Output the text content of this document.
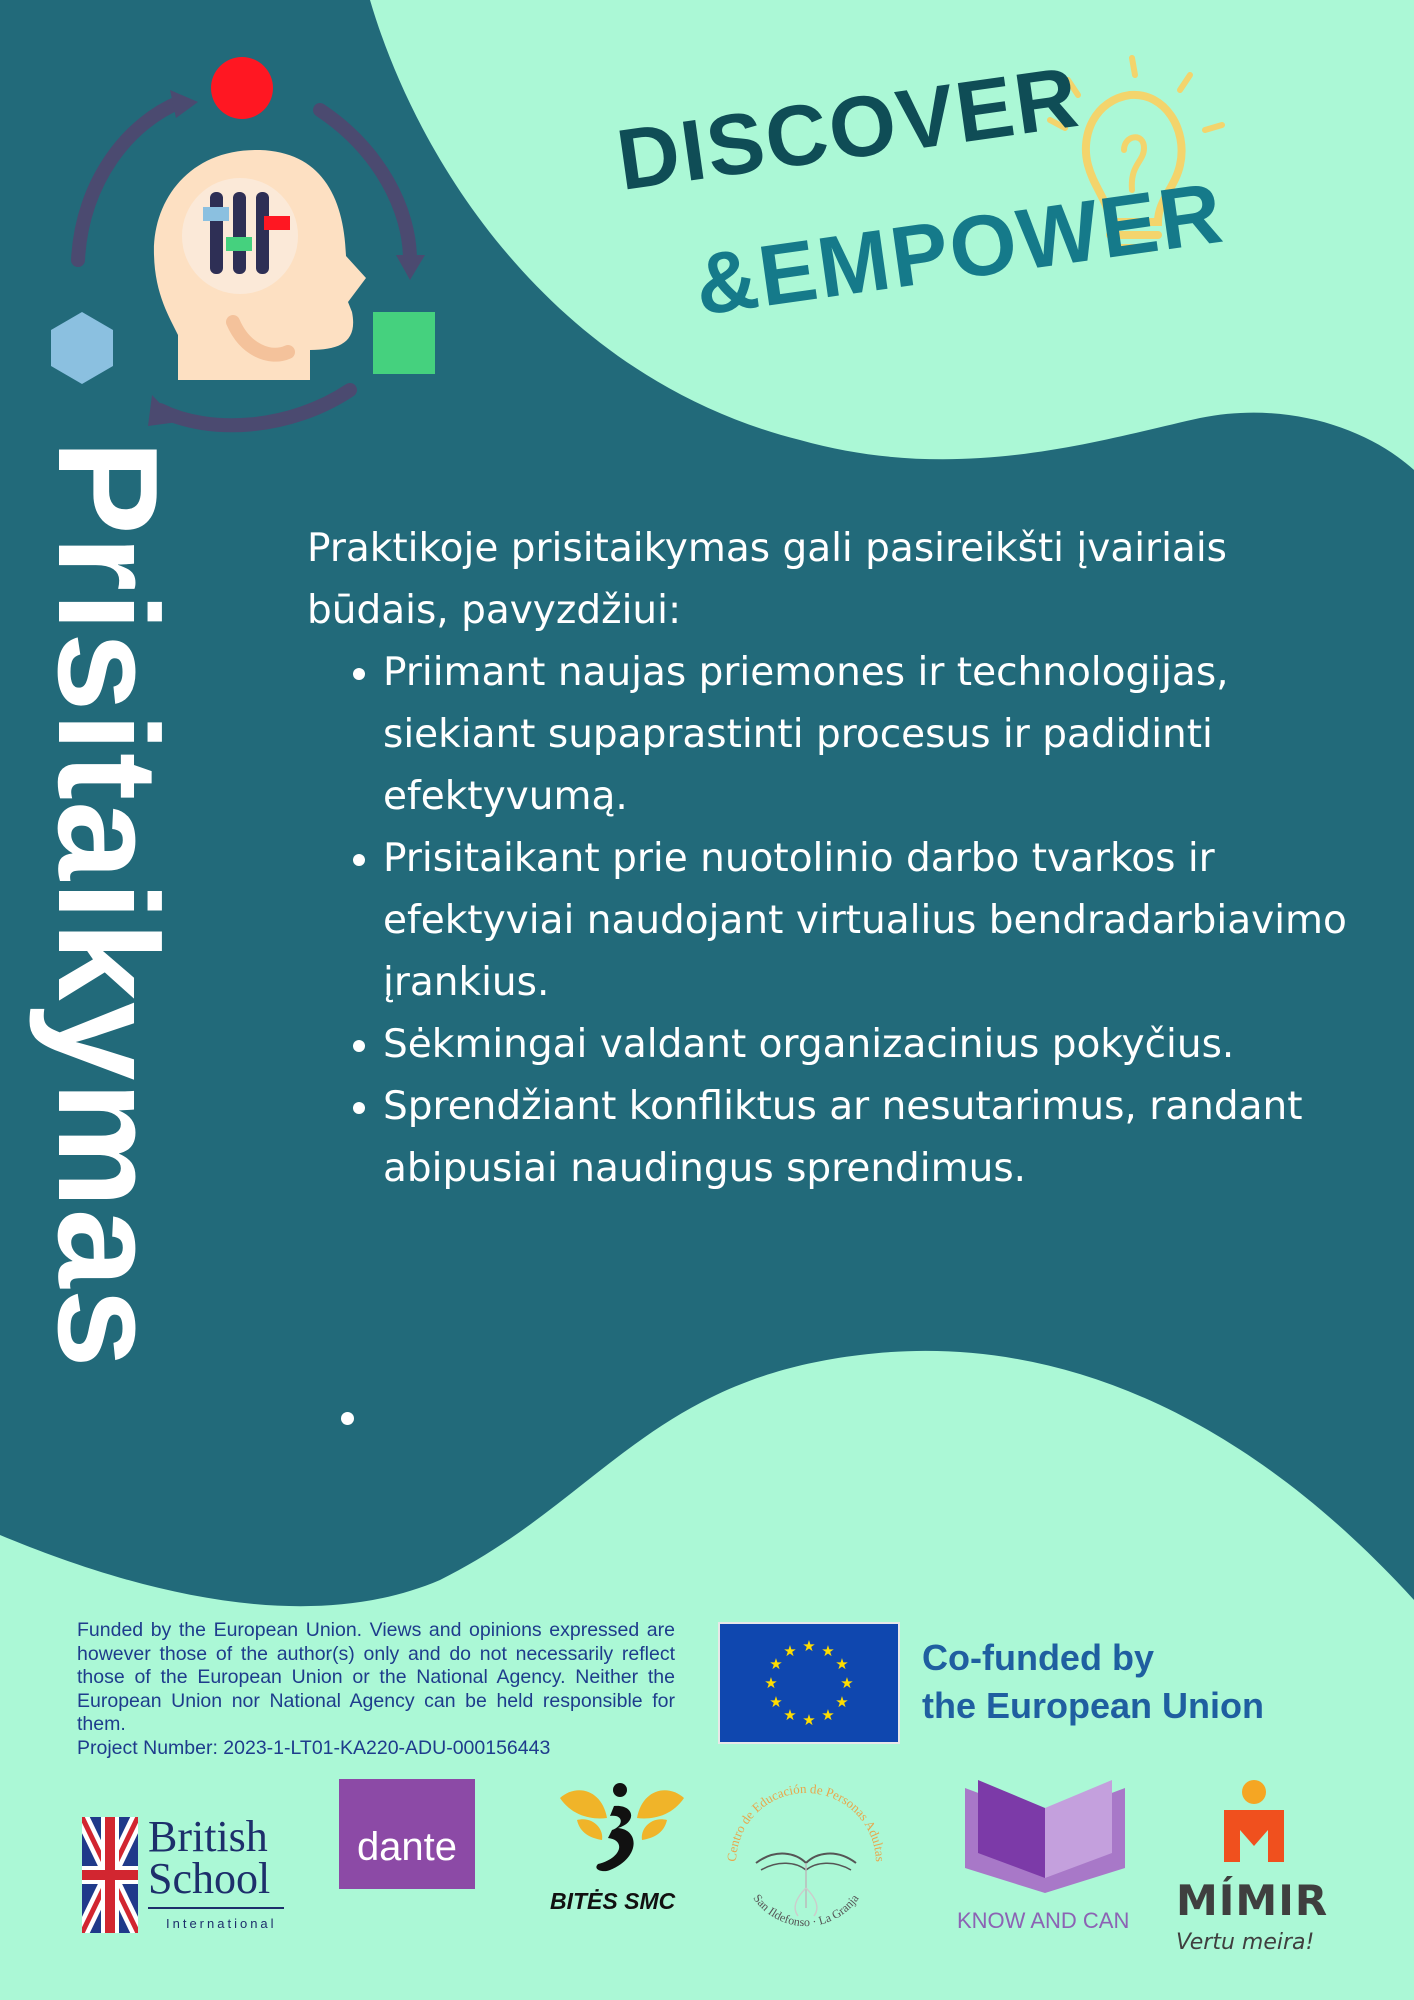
DISCOVER
&EMPOWER
Prisitaikymas	Praktikoje prisitaikymas gali pasireikšti įvairiais būdais, pavyzdžiui:

• Priimant naujas priemones ir technologijas, siekiant supaprastinti procesus ir padidinti efektyvumą.
• Prisitaikant prie nuotolinio darbo tvarkos ir efektyviai naudojant virtualius bendradarbiavimo įrankius.
• Sėkmingai valdant organizacinius pokyčius.
• Sprendžiant konfliktus ar nesutarimus, randant abipusiai naudingus sprendimus.
Funded by the European Union. Views and opinions expressed are however those of the author(s) only and do not necessarily reflect those of the European Union or the National Agency. Neither the European Union nor National Agency can be held responsible for them.
Project Number: 2023-1-LT01-KA220-ADU-000156443
★ ★
★
★
★
★
★
★
★
★
★
★	Co-funded by
the European Union
British
School
International
dante
BITĖS SMC
Centro de Educación de Personas Adultas
San Ildefonso · La Granja
KNOW AND CAN MÍMIR
Vertu meira!
